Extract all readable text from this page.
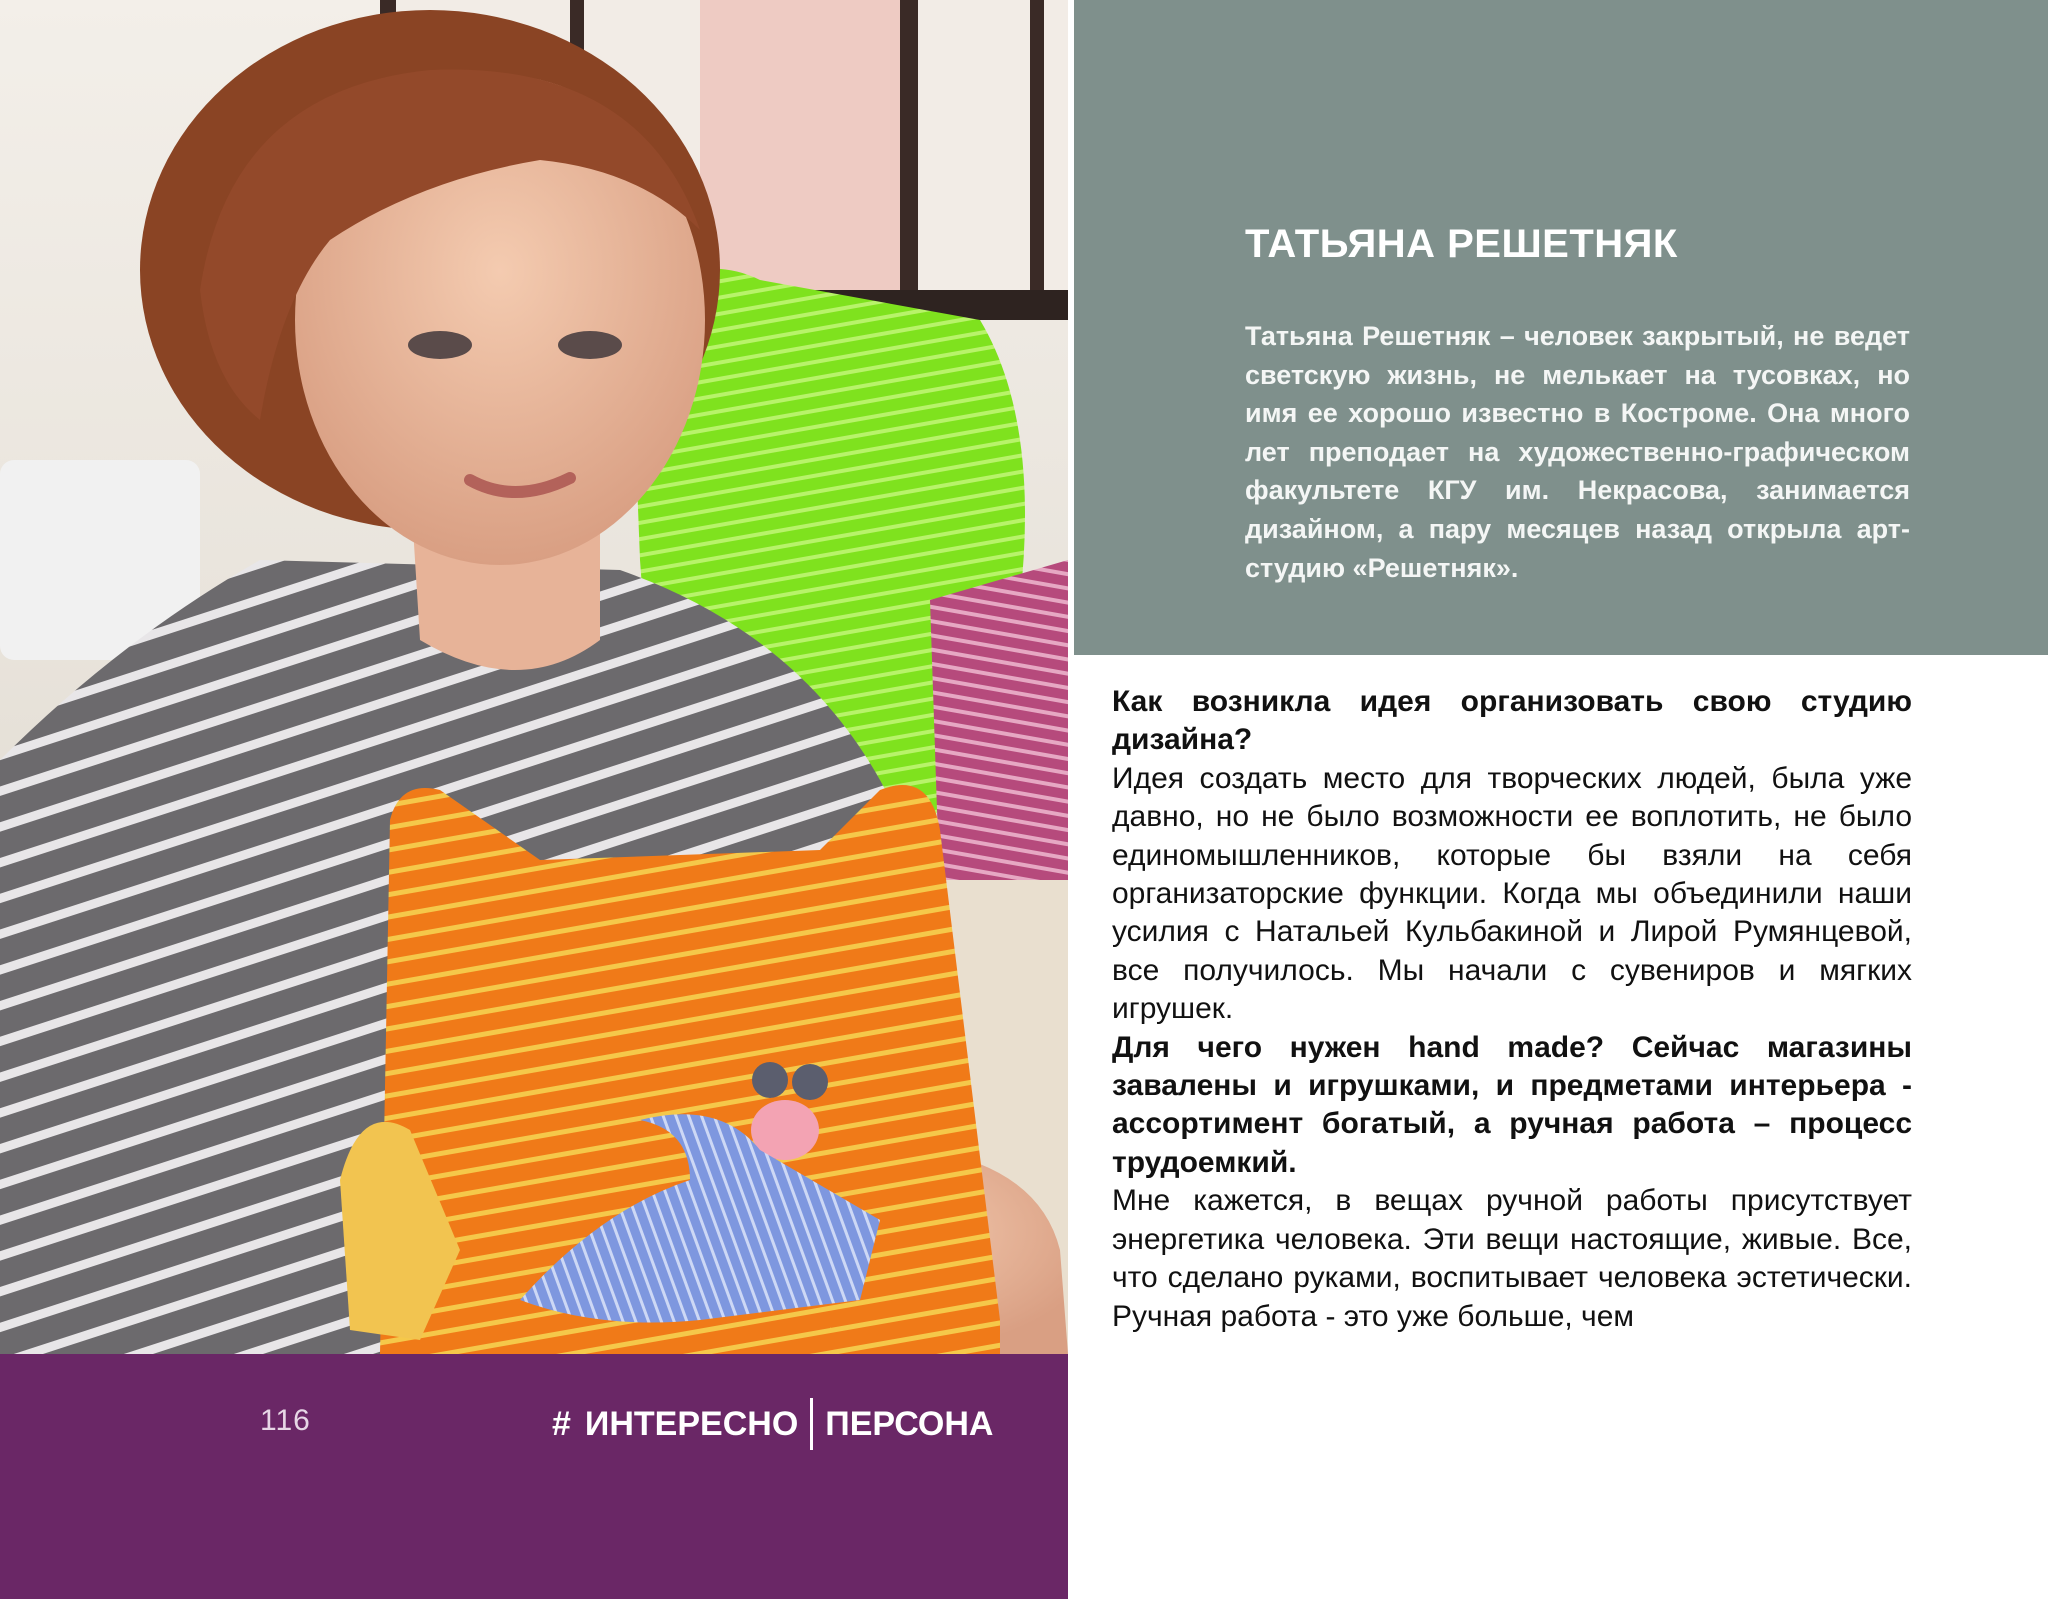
ТАТЬЯНА РЕШЕТНЯК
Татьяна Решетняк – человек закрытый, не ведет светскую жизнь, не мелькает на тусовках, но имя ее хорошо известно в Костроме. Она много лет преподает на художественно-графическом факультете КГУ им. Некрасова, занимается дизайном, а пару месяцев назад открыла арт- студию «Решетняк».

Как возникла идея организовать свою студию дизайна?

Идея создать место для творческих людей, была уже давно, но не было возможности ее воплотить, не было единомышленников, которые бы взяли на себя организаторские функции. Когда мы объединили наши усилия с Натальей Кульбакиной и Лирой Румянцевой, все получилось. Мы начали с сувениров и мягких игрушек.

Для чего нужен hand made? Сейчас магазины завалены и игрушками, и предметами интерьера - ассортимент богатый, а ручная работа – процесс трудоемкий.

Мне кажется, в вещах ручной работы присутствует энергетика человека. Эти вещи настоящие, живые. Все, что сделано руками, воспитывает человека эстетически. Ручная работа - это уже больше, чем

116	# ИНТЕРЕСНО ПЕРСОНА
